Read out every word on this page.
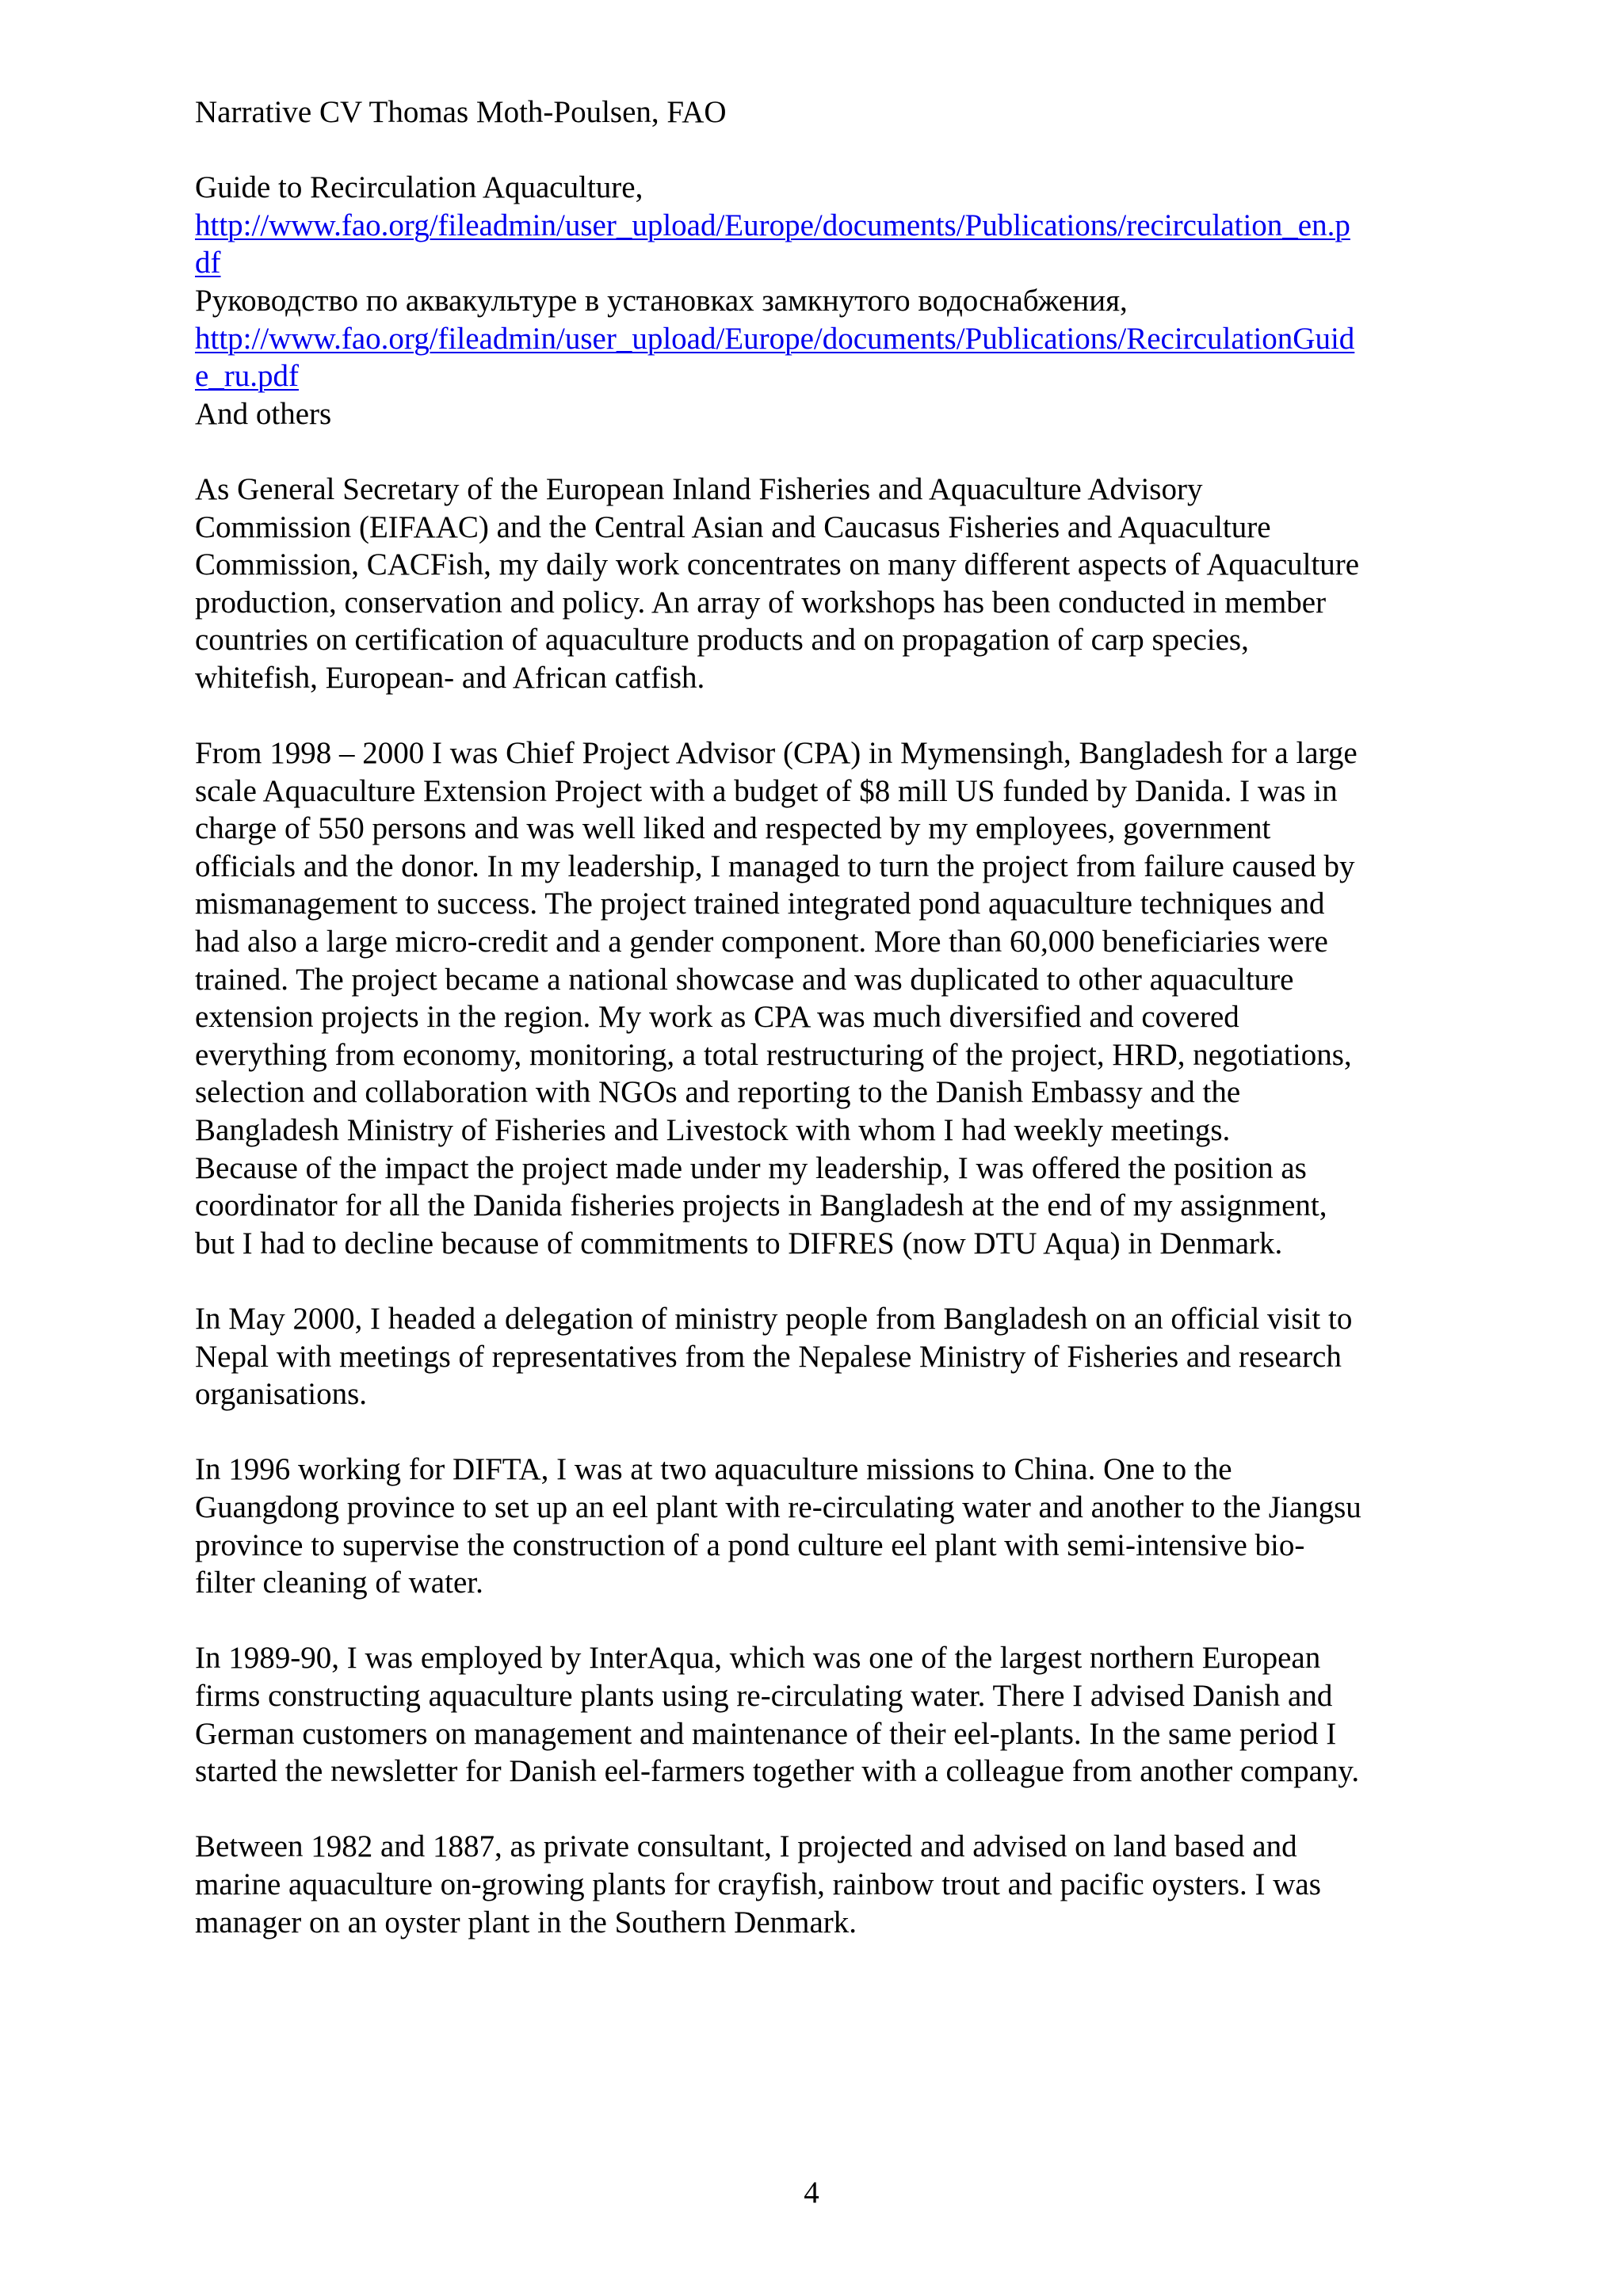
Narrative CV Thomas Moth-Poulsen, FAO
Guide to Recirculation Aquaculture,
http://www.fao.org/fileadmin/user_upload/Europe/documents/Publications/recirculation_en.p
df
Руководство по аквакультуре в установках замкнутого водоснабжения,
http://www.fao.org/fileadmin/user_upload/Europe/documents/Publications/RecirculationGuid
e_ru.pdf
And others

As General Secretary of the European Inland Fisheries and Aquaculture Advisory
Commission (EIFAAC) and the Central Asian and Caucasus Fisheries and Aquaculture
Commission, CACFish, my daily work concentrates on many different aspects of Aquaculture
production, conservation and policy. An array of workshops has been conducted in member
countries on certification of aquaculture products and on propagation of carp species,
whitefish, European- and African catfish.

From 1998 – 2000 I was Chief Project Advisor (CPA) in Mymensingh, Bangladesh for a large
scale Aquaculture Extension Project with a budget of $8 mill US funded by Danida. I was in
charge of 550 persons and was well liked and respected by my employees, government
officials and the donor. In my leadership, I managed to turn the project from failure caused by
mismanagement to success. The project trained integrated pond aquaculture techniques and
had also a large micro-credit and a gender component. More than 60,000 beneficiaries were
trained. The project became a national showcase and was duplicated to other aquaculture
extension projects in the region. My work as CPA was much diversified and covered
everything from economy, monitoring, a total restructuring of the project, HRD, negotiations,
selection and collaboration with NGOs and reporting to the Danish Embassy and the
Bangladesh Ministry of Fisheries and Livestock with whom I had weekly meetings.
Because of the impact the project made under my leadership, I was offered the position as
coordinator for all the Danida fisheries projects in Bangladesh at the end of my assignment,
but I had to decline because of commitments to DIFRES (now DTU Aqua) in Denmark.

In May 2000, I headed a delegation of ministry people from Bangladesh on an official visit to
Nepal with meetings of representatives from the Nepalese Ministry of Fisheries and research
organisations.

In 1996 working for DIFTA, I was at two aquaculture missions to China. One to the
Guangdong province to set up an eel plant with re-circulating water and another to the Jiangsu
province to supervise the construction of a pond culture eel plant with semi-intensive bio-
filter cleaning of water.

In 1989-90, I was employed by InterAqua, which was one of the largest northern European
firms constructing aquaculture plants using re-circulating water. There I advised Danish and
German customers on management and maintenance of their eel-plants. In the same period I
started the newsletter for Danish eel-farmers together with a colleague from another company.

Between 1982 and 1887, as private consultant, I projected and advised on land based and
marine aquaculture on-growing plants for crayfish, rainbow trout and pacific oysters. I was
manager on an oyster plant in the Southern Denmark.

4
